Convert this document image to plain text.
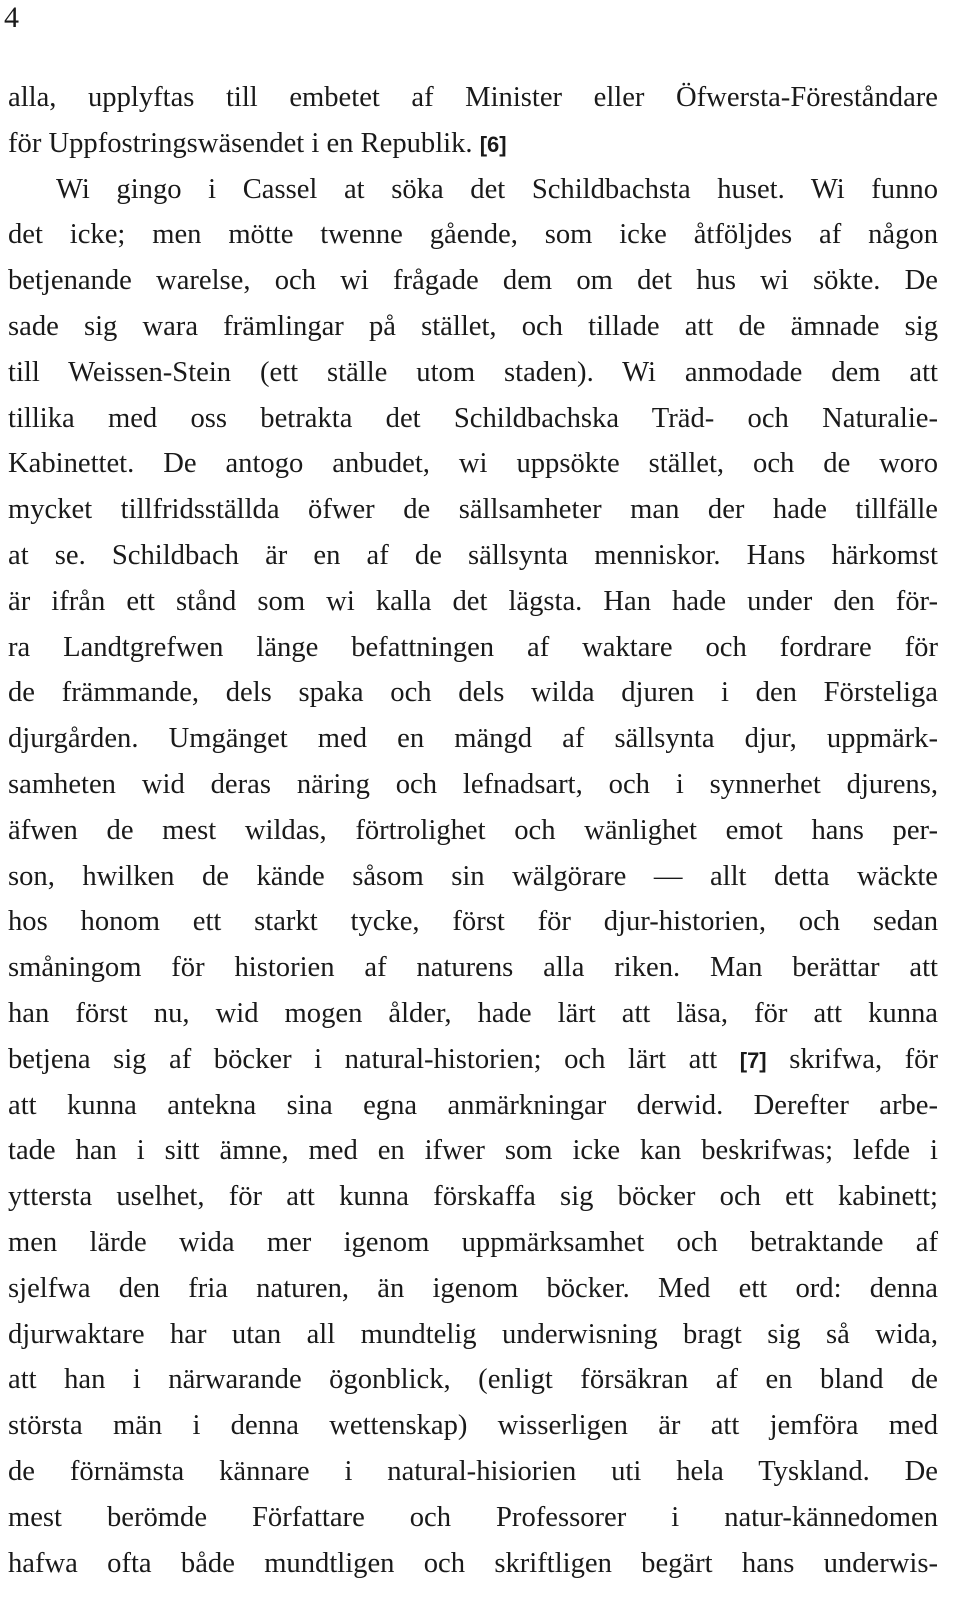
4
alla, upplyftas till embetet af Minister eller Öfwersta-Föreståndare
för Uppfostringswäsendet i en Republik. [6]
Wi gingo i Cassel at söka det Schildbachsta huset. Wi funno
det icke; men mötte twenne gående, som icke åtföljdes af någon
betjenande warelse, och wi frågade dem om det hus wi sökte. De
sade sig wara främlingar på stället, och tillade att de ämnade sig
till Weissen-Stein (ett ställe utom staden). Wi anmodade dem att
tillika med oss betrakta det Schildbachska Träd- och Naturalie-
Kabinettet. De antogo anbudet, wi uppsökte stället, och de woro
mycket tillfridsställda öfwer de sällsamheter man der hade tillfälle
at se. Schildbach är en af de sällsynta menniskor. Hans härkomst
är ifrån ett stånd som wi kalla det lägsta. Han hade under den för-
ra Landtgrefwen länge befattningen af waktare och fordrare för
de främmande, dels spaka och dels wilda djuren i den Försteliga
djurgården. Umgänget med en mängd af sällsynta djur, uppmärk-
samheten wid deras näring och lefnadsart, och i synnerhet djurens,
äfwen de mest wildas, förtrolighet och wänlighet emot hans per-
son, hwilken de kände såsom sin wälgörare — allt detta wäckte
hos honom ett starkt tycke, först för djur-historien, och sedan
småningom för historien af naturens alla riken. Man berättar att
han först nu, wid mogen ålder, hade lärt att läsa, för att kunna
betjena sig af böcker i natural-historien; och lärt att [7] skrifwa, för
att kunna antekna sina egna anmärkningar derwid. Derefter arbe-
tade han i sitt ämne, med en ifwer som icke kan beskrifwas; lefde i
yttersta uselhet, för att kunna förskaffa sig böcker och ett kabinett;
men lärde wida mer igenom uppmärksamhet och betraktande af
sjelfwa den fria naturen, än igenom böcker. Med ett ord: denna
djurwaktare har utan all mundtelig underwisning bragt sig så wida,
att han i närwarande ögonblick, (enligt försäkran af en bland de
största män i denna wettenskap) wisserligen är att jemföra med
de förnämsta kännare i natural-hisiorien uti hela Tyskland. De
mest berömde Författare och Professorer i natur-kännedomen
hafwa ofta både mundtligen och skriftligen begärt hans underwis-
